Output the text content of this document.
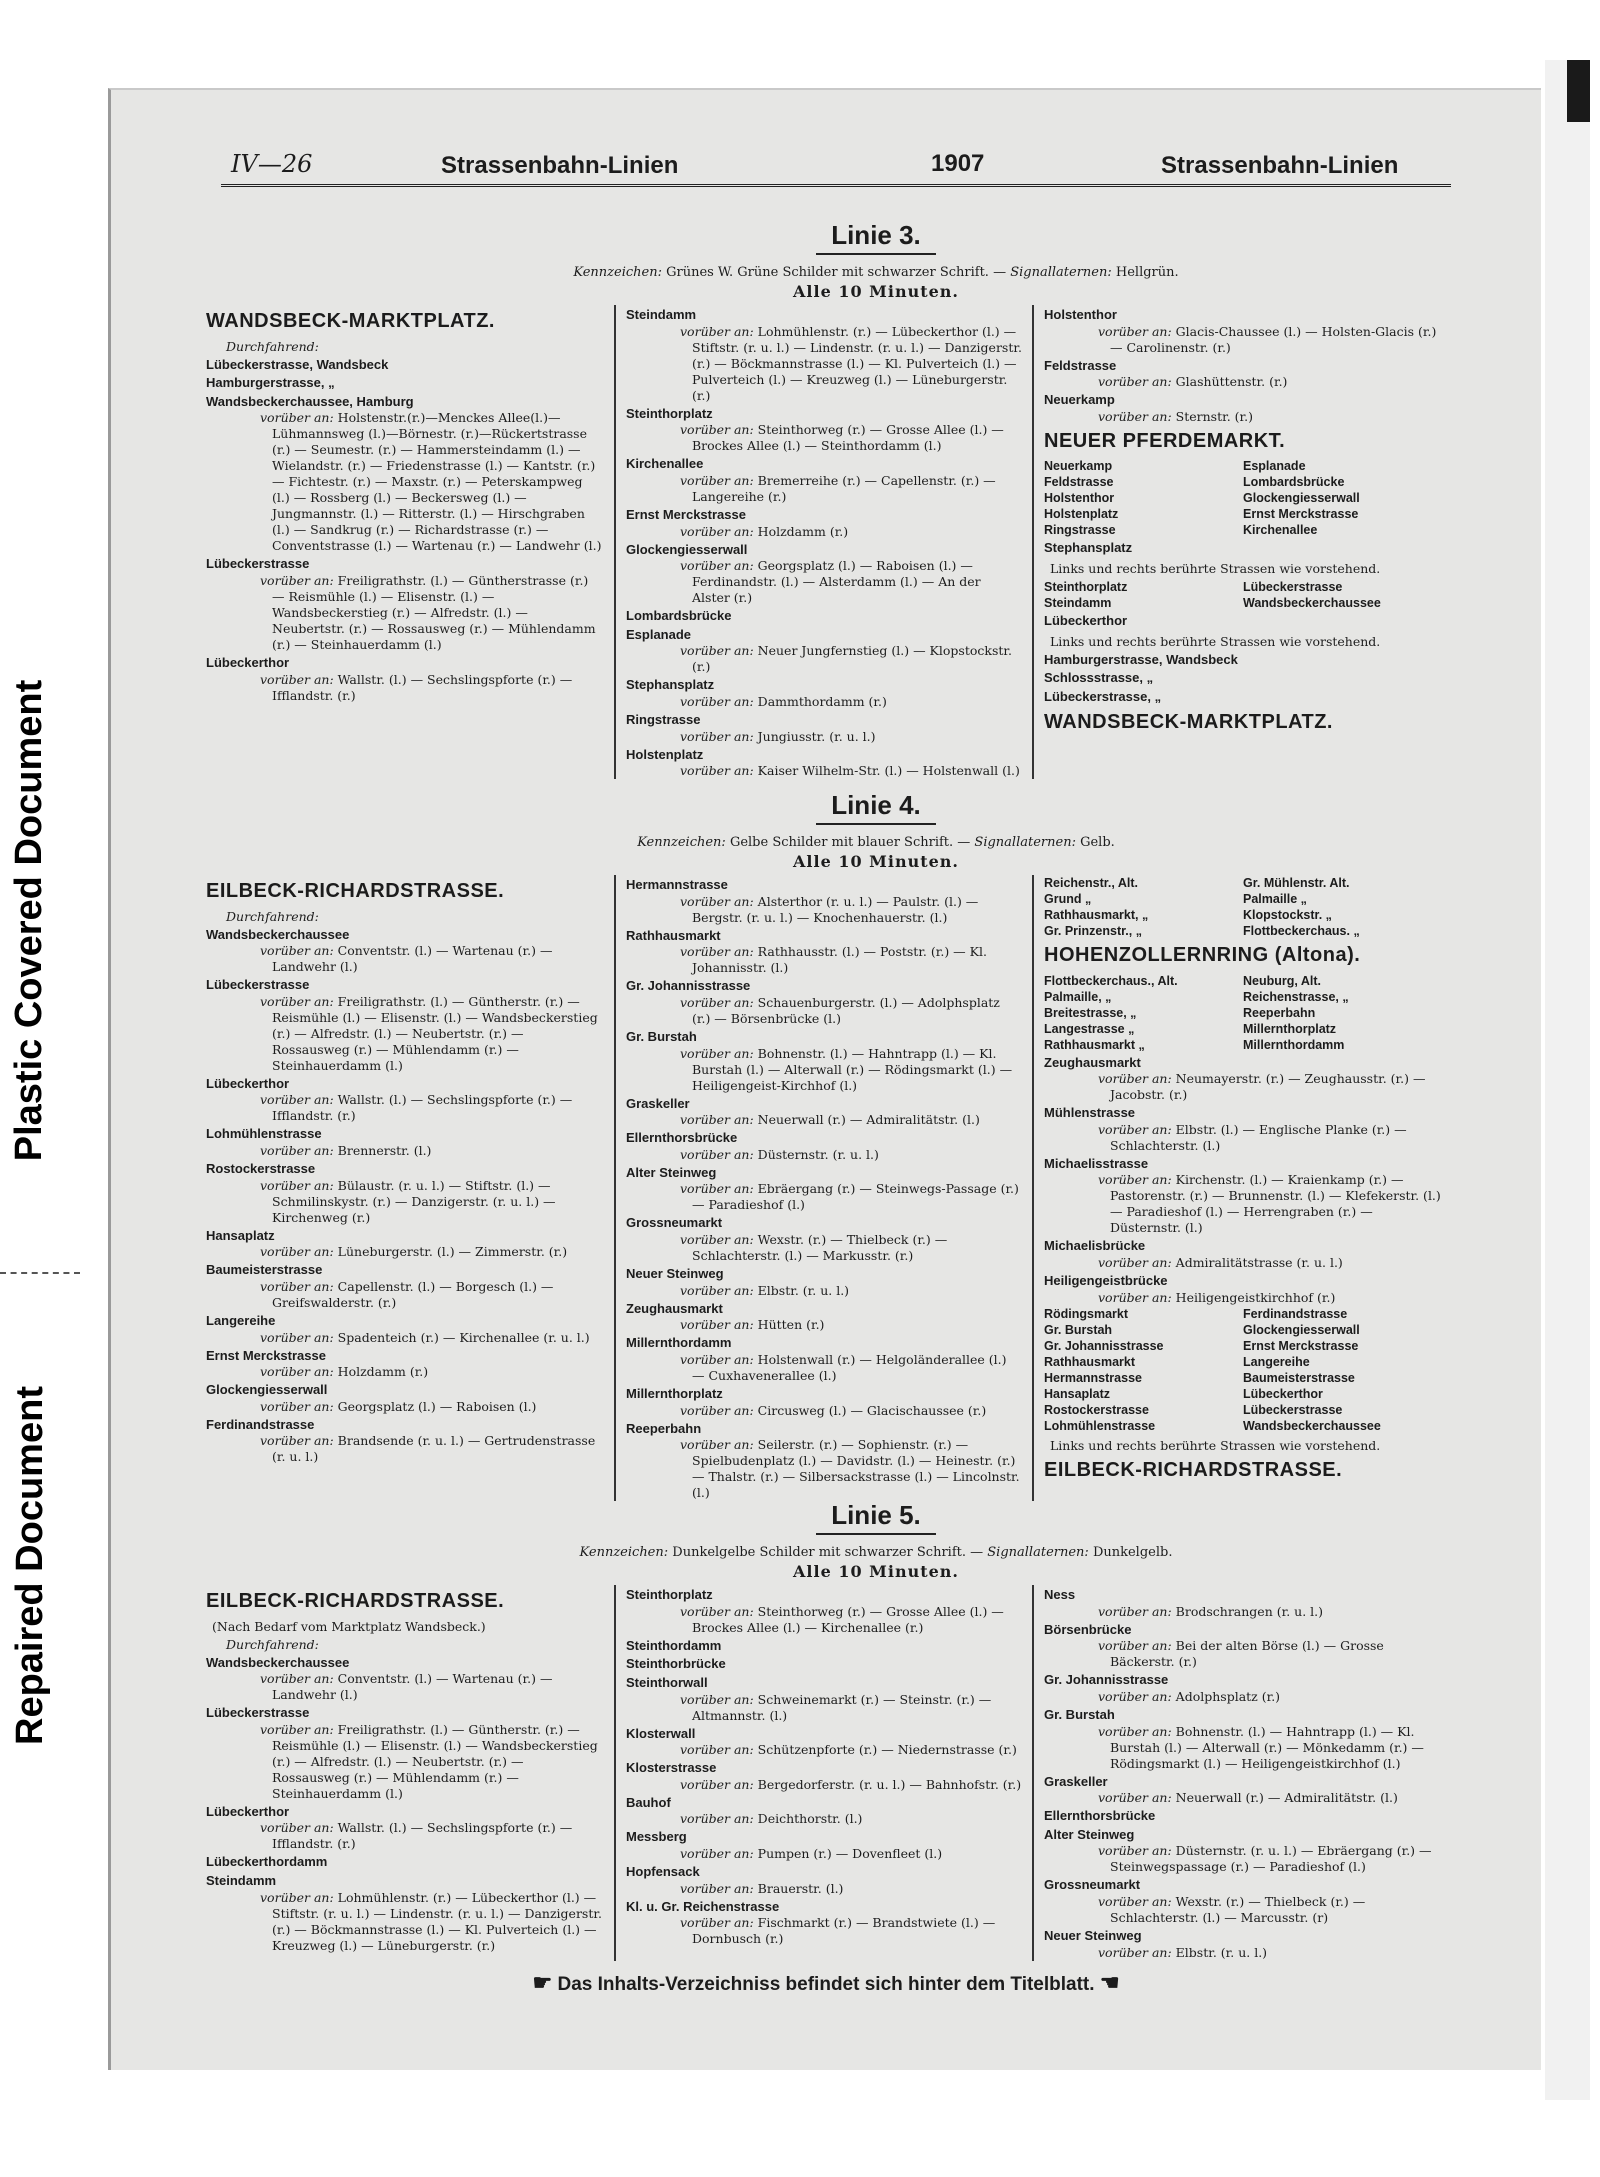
Plastic Covered Document
Repaired Document
IV—26	Strassenbahn-Linien	1907	Strassenbahn-Linien
Linie 3.
Kennzeichen: Grünes W. Grüne Schilder mit schwarzer Schrift. — Signallaternen: Hellgrün.
Alle 10 Minuten.
WANDSBECK-MARKTPLATZ.
Durchfahrend:
Lübeckerstrasse, Wandsbeck
Hamburgerstrasse, „
Wandsbeckerchaussee, Hamburg
vorüber an: Holstenstr.(r.)—Menckes Allee(l.)—Lühmannsweg (l.)—Börnestr. (r.)—Rückertstrasse (r.) — Seumestr. (r.) — Hammersteindamm (l.) — Wielandstr. (r.) — Friedenstrasse (l.) — Kantstr. (r.) — Fichtestr. (r.) — Maxstr. (r.) — Peterskampweg (l.) — Rossberg (l.) — Beckersweg (l.) — Jungmannstr. (l.) — Ritterstr. (l.) — Hirschgraben (l.) — Sandkrug (r.) — Richardstrasse (r.) — Conventstrasse (l.) — Wartenau (r.) — Landwehr (l.)
Lübeckerstrasse
vorüber an: Freiligrathstr. (l.) — Güntherstrasse (r.) — Reismühle (l.) — Elisenstr. (l.) — Wandsbeckerstieg (r.) — Alfredstr. (l.) — Neubertstr. (r.) — Rossausweg (r.) — Mühlendamm (r.) — Steinhauerdamm (l.)
Lübeckerthor
vorüber an: Wallstr. (l.) — Sechslingspforte (r.) — Ifflandstr. (r.)
Steindamm
vorüber an: Lohmühlenstr. (r.) — Lübeckerthor (l.) — Stiftstr. (r. u. l.) — Lindenstr. (r. u. l.) — Danzigerstr. (r.) — Böckmannstrasse (l.) — Kl. Pulverteich (l.) — Pulverteich (l.) — Kreuzweg (l.) — Lüneburgerstr. (r.)
Steinthorplatz
vorüber an: Steinthorweg (r.) — Grosse Allee (l.) — Brockes Allee (l.) — Steinthordamm (l.)
Kirchenallee
vorüber an: Bremerreihe (r.) — Capellenstr. (r.) — Langereihe (r.)
Ernst Merckstrasse
vorüber an: Holzdamm (r.)
Glockengiesserwall
vorüber an: Georgsplatz (l.) — Raboisen (l.) — Ferdinandstr. (l.) — Alsterdamm (l.) — An der Alster (r.)
Lombardsbrücke
Esplanade
vorüber an: Neuer Jungfernstieg (l.) — Klopstockstr. (r.)
Stephansplatz
vorüber an: Dammthordamm (r.)
Ringstrasse
vorüber an: Jungiusstr. (r. u. l.)
Holstenplatz
vorüber an: Kaiser Wilhelm-Str. (l.) — Holstenwall (l.)
Holstenthor
vorüber an: Glacis-Chaussee (l.) — Holsten-Glacis (r.) — Carolinenstr. (r.)
Feldstrasse
vorüber an: Glashüttenstr. (r.)
Neuerkamp
vorüber an: Sternstr. (r.)
NEUER PFERDEMARKT.
Neuerkamp	Esplanade
Feldstrasse	Lombardsbrücke
Holstenthor	Glockengiesserwall
Holstenplatz	Ernst Merckstrasse
Ringstrasse	Kirchenallee
Stephansplatz
Links und rechts berührte Strassen wie vorstehend.
Steinthorplatz	Lübeckerstrasse
Steindamm	Wandsbeckerchaussee
Lübeckerthor
Links und rechts berührte Strassen wie vorstehend.
Hamburgerstrasse, Wandsbeck
Schlossstrasse, „
Lübeckerstrasse, „
WANDSBECK-MARKTPLATZ.
Linie 4.
Kennzeichen: Gelbe Schilder mit blauer Schrift. — Signallaternen: Gelb.
Alle 10 Minuten.
EILBECK-RICHARDSTRASSE.
Durchfahrend:
Wandsbeckerchaussee
vorüber an: Conventstr. (l.) — Wartenau (r.) — Landwehr (l.)
Lübeckerstrasse
vorüber an: Freiligrathstr. (l.) — Güntherstr. (r.) — Reismühle (l.) — Elisenstr. (l.) — Wandsbeckerstieg (r.) — Alfredstr. (l.) — Neubertstr. (r.) — Rossausweg (r.) — Mühlendamm (r.) — Steinhauerdamm (l.)
Lübeckerthor
vorüber an: Wallstr. (l.) — Sechslingspforte (r.) — Ifflandstr. (r.)
Lohmühlenstrasse
vorüber an: Brennerstr. (l.)
Rostockerstrasse
vorüber an: Bülaustr. (r. u. l.) — Stiftstr. (l.) — Schmilinskystr. (r.) — Danzigerstr. (r. u. l.) — Kirchenweg (r.)
Hansaplatz
vorüber an: Lüneburgerstr. (l.) — Zimmerstr. (r.)
Baumeisterstrasse
vorüber an: Capellenstr. (l.) — Borgesch (l.) — Greifswalderstr. (r.)
Langereihe
vorüber an: Spadenteich (r.) — Kirchenallee (r. u. l.)
Ernst Merckstrasse
vorüber an: Holzdamm (r.)
Glockengiesserwall
vorüber an: Georgsplatz (l.) — Raboisen (l.)
Ferdinandstrasse
vorüber an: Brandsende (r. u. l.) — Gertrudenstrasse (r. u. l.)
Hermannstrasse
vorüber an: Alsterthor (r. u. l.) — Paulstr. (l.) — Bergstr. (r. u. l.) — Knochenhauerstr. (l.)
Rathhausmarkt
vorüber an: Rathhausstr. (l.) — Poststr. (r.) — Kl. Johannisstr. (l.)
Gr. Johannisstrasse
vorüber an: Schauenburgerstr. (l.) — Adolphsplatz (r.) — Börsenbrücke (l.)
Gr. Burstah
vorüber an: Bohnenstr. (l.) — Hahntrapp (l.) — Kl. Burstah (l.) — Alterwall (r.) — Rödingsmarkt (l.) — Heiligengeist-Kirchhof (l.)
Graskeller
vorüber an: Neuerwall (r.) — Admiralitätstr. (l.)
Ellernthorsbrücke
vorüber an: Düsternstr. (r. u. l.)
Alter Steinweg
vorüber an: Ebräergang (r.) — Steinwegs-Passage (r.) — Paradieshof (l.)
Grossneumarkt
vorüber an: Wexstr. (r.) — Thielbeck (r.) — Schlachterstr. (l.) — Markusstr. (r.)
Neuer Steinweg
vorüber an: Elbstr. (r. u. l.)
Zeughausmarkt
vorüber an: Hütten (r.)
Millernthordamm
vorüber an: Holstenwall (r.) — Helgoländerallee (l.) — Cuxhavenerallee (l.)
Millernthorplatz
vorüber an: Circusweg (l.) — Glacischaussee (r.)
Reeperbahn
vorüber an: Seilerstr. (r.) — Sophienstr. (r.) — Spielbudenplatz (l.) — Davidstr. (l.) — Heinestr. (r.) — Thalstr. (r.) — Silbersackstrasse (l.) — Lincolnstr. (l.)
Reichenstr., Alt.	Gr. Mühlenstr. Alt.
Grund „	Palmaille „
Rathhausmarkt, „	Klopstockstr. „
Gr. Prinzenstr., „	Flottbeckerchaus. „
HOHENZOLLERNRING (Altona).
Flottbeckerchaus., Alt.	Neuburg, Alt.
Palmaille, „	Reichenstrasse, „
Breitestrasse, „	Reeperbahn
Langestrasse „	Millernthorplatz
Rathhausmarkt „	Millernthordamm
Zeughausmarkt
vorüber an: Neumayerstr. (r.) — Zeughausstr. (r.) — Jacobstr. (r.)
Mühlenstrasse
vorüber an: Elbstr. (l.) — Englische Planke (r.) — Schlachterstr. (l.)
Michaelisstrasse
vorüber an: Kirchenstr. (l.) — Kraienkamp (r.) — Pastorenstr. (r.) — Brunnenstr. (l.) — Klefekerstr. (l.) — Paradieshof (l.) — Herrengraben (r.) — Düsternstr. (l.)
Michaelisbrücke
vorüber an: Admiralitätstrasse (r. u. l.)
Heiligengeistbrücke
vorüber an: Heiligengeistkirchhof (r.)
Rödingsmarkt	Ferdinandstrasse
Gr. Burstah	Glockengiesserwall
Gr. Johannisstrasse	Ernst Merckstrasse
Rathhausmarkt	Langereihe
Hermannstrasse	Baumeisterstrasse
Hansaplatz	Lübeckerthor
Rostockerstrasse	Lübeckerstrasse
Lohmühlenstrasse	Wandsbeckerchaussee
Links und rechts berührte Strassen wie vorstehend.
EILBECK-RICHARDSTRASSE.
Linie 5.
Kennzeichen: Dunkelgelbe Schilder mit schwarzer Schrift. — Signallaternen: Dunkelgelb.
Alle 10 Minuten.
EILBECK-RICHARDSTRASSE.
(Nach Bedarf vom Marktplatz Wandsbeck.)
Durchfahrend:
Wandsbeckerchaussee
vorüber an: Conventstr. (l.) — Wartenau (r.) — Landwehr (l.)
Lübeckerstrasse
vorüber an: Freiligrathstr. (l.) — Güntherstr. (r.) — Reismühle (l.) — Elisenstr. (l.) — Wandsbeckerstieg (r.) — Alfredstr. (l.) — Neubertstr. (r.) — Rossausweg (r.) — Mühlendamm (r.) — Steinhauerdamm (l.)
Lübeckerthor
vorüber an: Wallstr. (l.) — Sechslingspforte (r.) — Ifflandstr. (r.)
Lübeckerthordamm
Steindamm
vorüber an: Lohmühlenstr. (r.) — Lübeckerthor (l.) — Stiftstr. (r. u. l.) — Lindenstr. (r. u. l.) — Danzigerstr. (r.) — Böckmannstrasse (l.) — Kl. Pulverteich (l.) — Kreuzweg (l.) — Lüneburgerstr. (r.)
Steinthorplatz
vorüber an: Steinthorweg (r.) — Grosse Allee (l.) — Brockes Allee (l.) — Kirchenallee (r.)
Steinthordamm
Steinthorbrücke
Steinthorwall
vorüber an: Schweinemarkt (r.) — Steinstr. (r.) — Altmannstr. (l.)
Klosterwall
vorüber an: Schützenpforte (r.) — Niedernstrasse (r.)
Klosterstrasse
vorüber an: Bergedorferstr. (r. u. l.) — Bahnhofstr. (r.)
Bauhof
vorüber an: Deichthorstr. (l.)
Messberg
vorüber an: Pumpen (r.) — Dovenfleet (l.)
Hopfensack
vorüber an: Brauerstr. (l.)
Kl. u. Gr. Reichenstrasse
vorüber an: Fischmarkt (r.) — Brandstwiete (l.) — Dornbusch (r.)
Ness
vorüber an: Brodschrangen (r. u. l.)
Börsenbrücke
vorüber an: Bei der alten Börse (l.) — Grosse Bäckerstr. (r.)
Gr. Johannisstrasse
vorüber an: Adolphsplatz (r.)
Gr. Burstah
vorüber an: Bohnenstr. (l.) — Hahntrapp (l.) — Kl. Burstah (l.) — Alterwall (r.) — Mönkedamm (r.) — Rödingsmarkt (l.) — Heiligengeistkirchhof (l.)
Graskeller
vorüber an: Neuerwall (r.) — Admiralitätstr. (l.)
Ellernthorsbrücke
Alter Steinweg
vorüber an: Düsternstr. (r. u. l.) — Ebräergang (r.) — Steinwegspassage (r.) — Paradieshof (l.)
Grossneumarkt
vorüber an: Wexstr. (r.) — Thielbeck (r.) — Schlachterstr. (l.) — Marcusstr. (r)
Neuer Steinweg
vorüber an: Elbstr. (r. u. l.)
☛ Das Inhalts-Verzeichniss befindet sich hinter dem Titelblatt. ☚
